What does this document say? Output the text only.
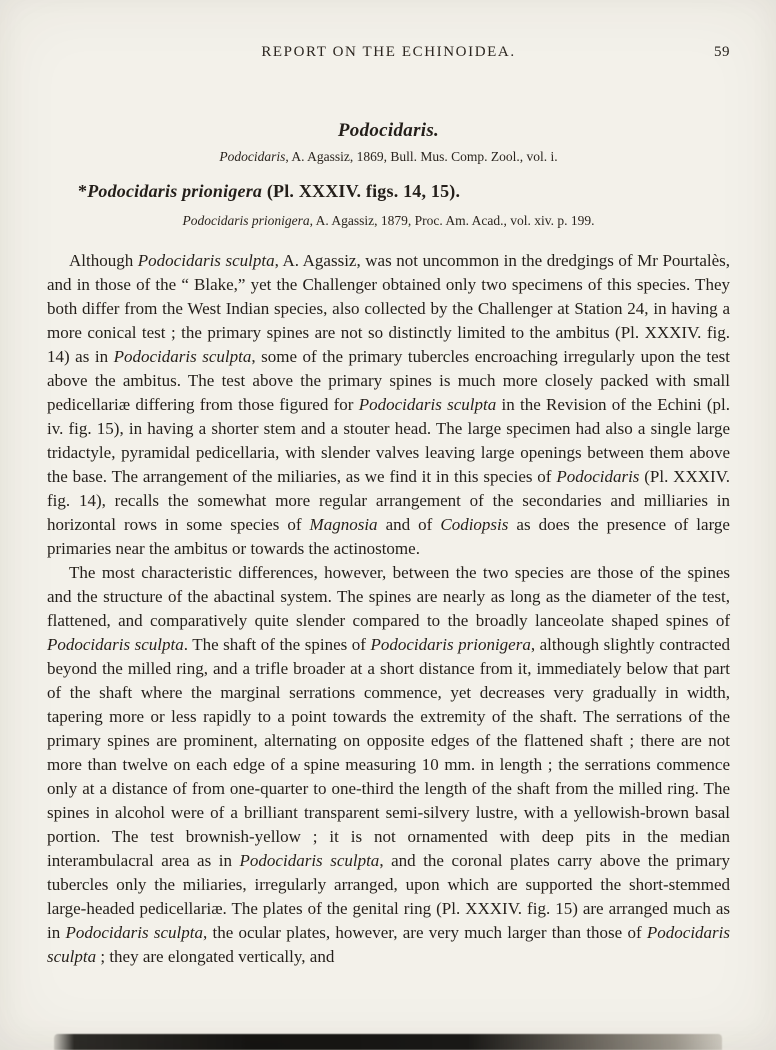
REPORT ON THE ECHINOIDEA.	59
Podocidaris.
Podocidaris, A. Agassiz, 1869, Bull. Mus. Comp. Zool., vol. i.
*Podocidaris prionigera (Pl. XXXIV. figs. 14, 15).
Podocidaris prionigera, A. Agassiz, 1879, Proc. Am. Acad., vol. xiv. p. 199.

Although Podocidaris sculpta, A. Agassiz, was not uncommon in the dredgings of Mr Pourtalès, and in those of the “ Blake,” yet the Challenger obtained only two specimens of this species. They both differ from the West Indian species, also collected by the Challenger at Station 24, in having a more conical test ; the primary spines are not so distinctly limited to the ambitus (Pl. XXXIV. fig. 14) as in Podocidaris sculpta, some of the primary tubercles encroaching irregularly upon the test above the ambitus. The test above the primary spines is much more closely packed with small pedicellariæ differing from those figured for Podocidaris sculpta in the Revision of the Echini (pl. iv. fig. 15), in having a shorter stem and a stouter head. The large specimen had also a single large tridactyle, pyramidal pedicellaria, with slender valves leaving large openings between them above the base. The arrangement of the miliaries, as we find it in this species of Podocidaris (Pl. XXXIV. fig. 14), recalls the somewhat more regular arrangement of the secondaries and milliaries in horizontal rows in some species of Magnosia and of Codiopsis as does the presence of large primaries near the ambitus or towards the actinostome.

The most characteristic differences, however, between the two species are those of the spines and the structure of the abactinal system. The spines are nearly as long as the diameter of the test, flattened, and comparatively quite slender compared to the broadly lanceolate shaped spines of Podocidaris sculpta. The shaft of the spines of Podocidaris prionigera, although slightly contracted beyond the milled ring, and a trifle broader at a short distance from it, immediately below that part of the shaft where the marginal serrations commence, yet decreases very gradually in width, tapering more or less rapidly to a point towards the extremity of the shaft. The serrations of the primary spines are prominent, alternating on opposite edges of the flattened shaft ; there are not more than twelve on each edge of a spine measuring 10 mm. in length ; the serrations commence only at a distance of from one-quarter to one-third the length of the shaft from the milled ring. The spines in alcohol were of a brilliant transparent semi-silvery lustre, with a yellowish-brown basal portion. The test brownish-yellow ; it is not ornamented with deep pits in the median interambulacral area as in Podocidaris sculpta, and the coronal plates carry above the primary tubercles only the miliaries, irregularly arranged, upon which are supported the short-stemmed large-headed pedicellariæ. The plates of the genital ring (Pl. XXXIV. fig. 15) are arranged much as in Podocidaris sculpta, the ocular plates, however, are very much larger than those of Podocidaris sculpta ; they are elongated vertically, and
